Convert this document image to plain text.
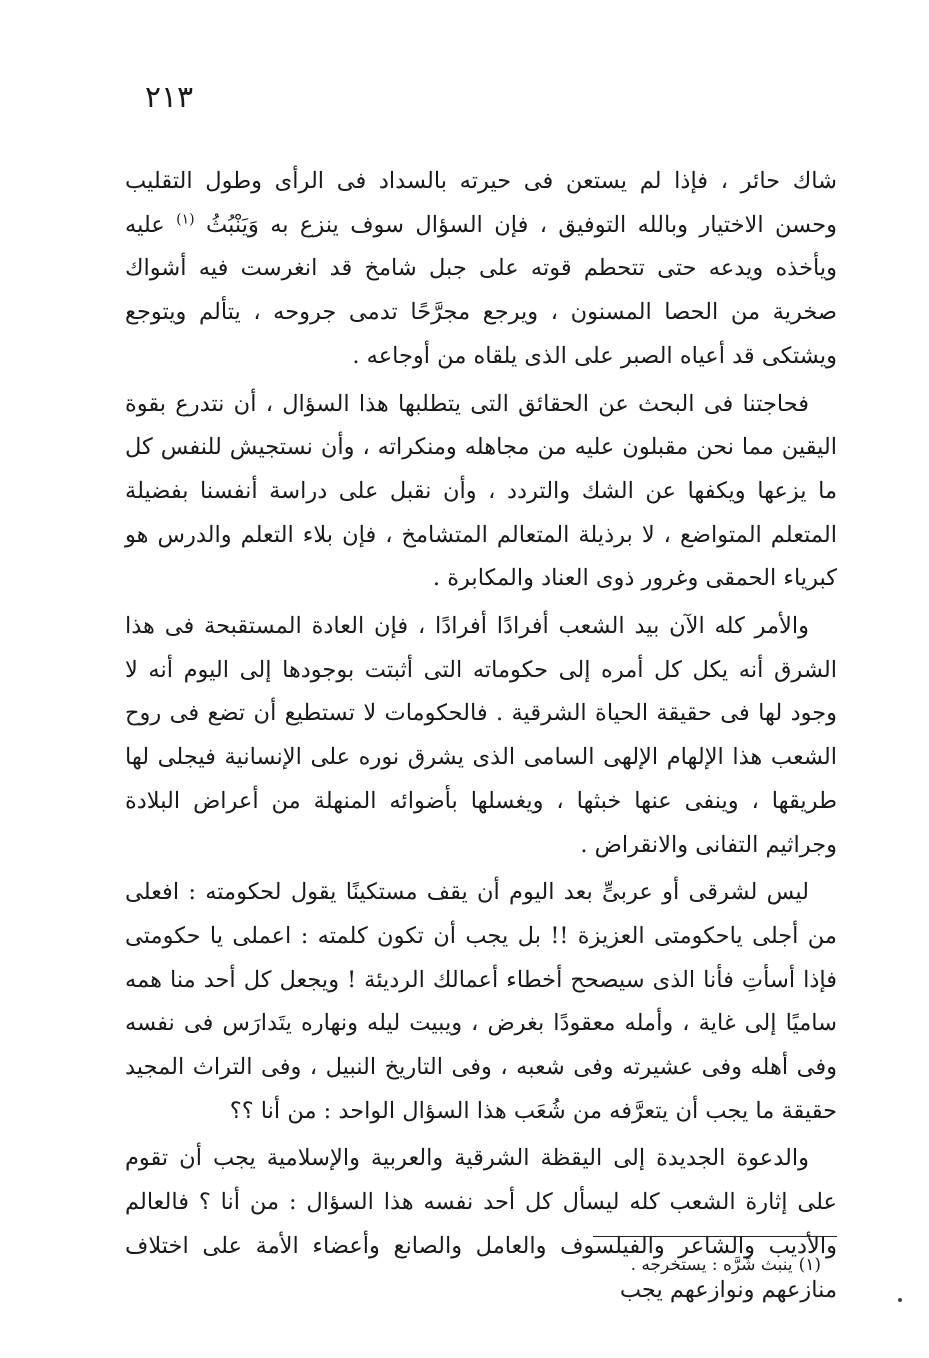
٢١٣

شاك حائر ، فإذا لم يستعن فى حيرته بالسداد فى الرأى وطول التقليب وحسن الاختيار وبالله التوفيق ، فإن السؤال سوف ينزع به وَيَنْبُثُ $^{(١)}$ عليه ويأخذه ويدعه حتى تتحطم قوته على جبل شامخ قد انغرست فيه أشواك صخرية من الحصا المسنون ، ويرجع مجرَّحًا تدمى جروحه ، يتألم ويتوجع ويشتكى قد أعياه الصبر على الذى يلقاه من أوجاعه .

فحاجتنا فى البحث عن الحقائق التى يتطلبها هذا السؤال ، أن نتدرع بقوة اليقين مما نحن مقبلون عليه من مجاهله ومنكراته ، وأن نستجيش للنفس كل ما يزعها ويكفها عن الشك والتردد ، وأن نقبل على دراسة أنفسنا بفضيلة المتعلم المتواضع ، لا برذيلة المتعالم المتشامخ ، فإن بلاء التعلم والدرس هو كبرياء الحمقى وغرور ذوى العناد والمكابرة .

والأمر كله الآن بيد الشعب أفرادًا أفرادًا ، فإن العادة المستقبحة فى هذا الشرق أنه يكل كل أمره إلى حكوماته التى أثبتت بوجودها إلى اليوم أنه لا وجود لها فى حقيقة الحياة الشرقية . فالحكومات لا تستطيع أن تضع فى روح الشعب هذا الإلهام الإلهى السامى الذى يشرق نوره على الإنسانية فيجلى لها طريقها ، وينفى عنها خبثها ، ويغسلها بأضوائه المنهلة من أعراض البلادة وجراثيم التفانى والانقراض .

ليس لشرقى أو عربىٍّ بعد اليوم أن يقف مستكينًا يقول لحكومته : افعلى من أجلى ياحكومتى العزيزة !! بل يجب أن تكون كلمته : اعملى يا حكومتى فإذا أسأتِ فأنا الذى سيصحح أخطاء أعمالك الرديئة ! ويجعل كل أحد منا همه ساميًا إلى غاية ، وأمله معقودًا بغرض ، ويبيت ليله ونهاره يتَدارَس فى نفسه وفى أهله وفى عشيرته وفى شعبه ، وفى التاريخ النبيل ، وفى التراث المجيد حقيقة ما يجب أن يتعرَّفه من شُعَب هذا السؤال الواحد : من أنا ؟؟

والدعوة الجديدة إلى اليقظة الشرقية والعربية والإسلامية يجب أن تقوم على إثارة الشعب كله ليسأل كل أحد نفسه هذا السؤال : من أنا ؟ فالعالم والأديب والشاعر والفيلسوف والعامل والصانع وأعضاء الأمة على اختلاف منازعهم ونوازعهم يجب

(١)ينبث شَرَّه : يستخرجه .
